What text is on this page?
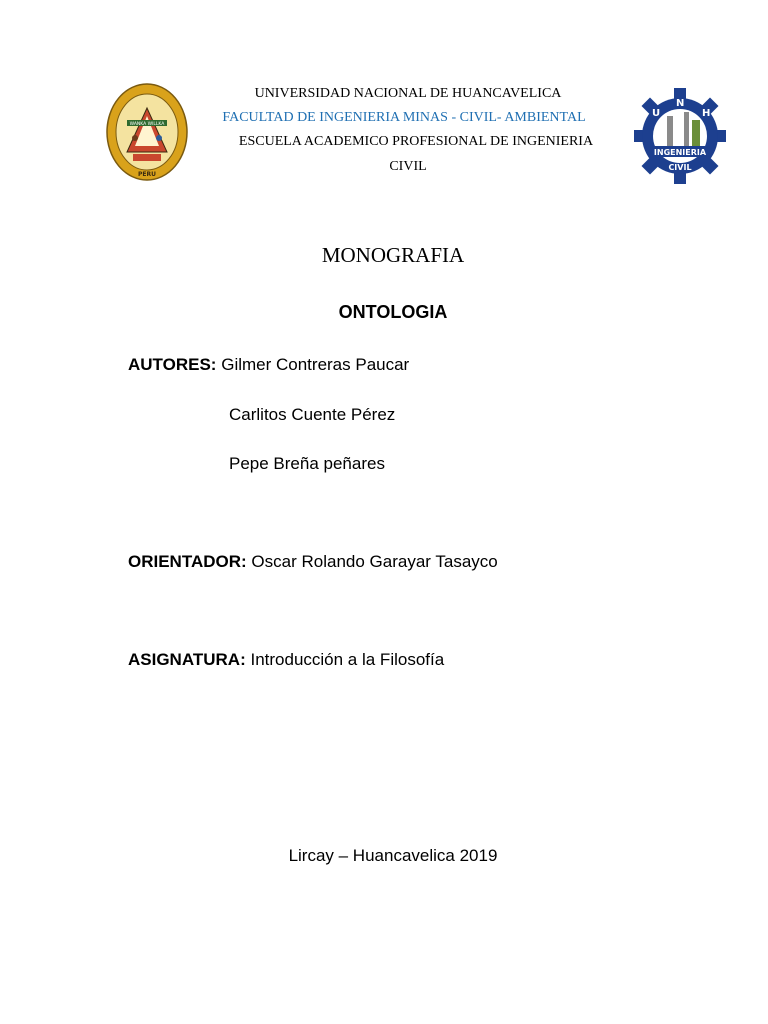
WANKA WILLKA
PERU
U
N
H
INGENIERIA
CIVIL
UNIVERSIDAD NACIONAL DE HUANCAVELICA
FACULTAD DE INGENIERIA MINAS - CIVIL- AMBIENTAL
ESCUELA ACADEMICO PROFESIONAL DE INGENIERIA
CIVIL
MONOGRAFIA
ONTOLOGIA
AUTORES: Gilmer Contreras Paucar
Carlitos Cuente Pérez
Pepe Breña peñares
ORIENTADOR: Oscar Rolando Garayar Tasayco
ASIGNATURA: Introducción a la Filosofía
Lircay – Huancavelica 2019
